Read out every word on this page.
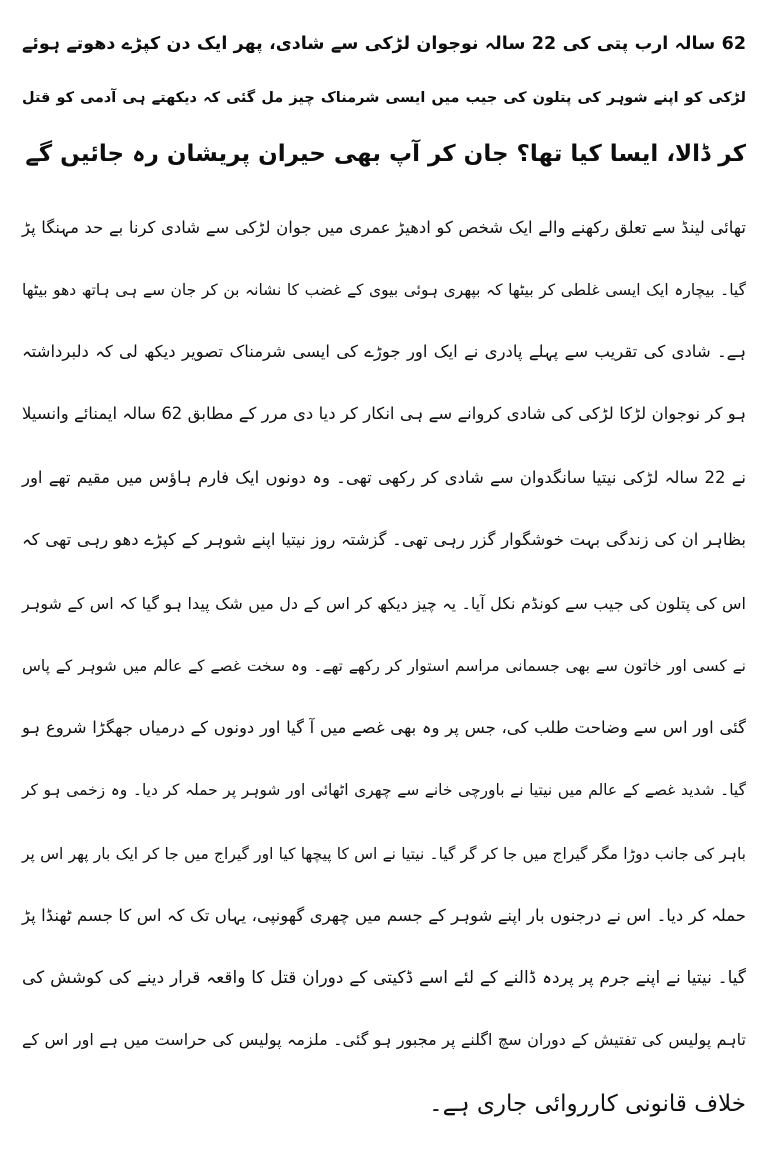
62 سالہ ارب پتی کی 22 سالہ نوجوان لڑکی سے شادی، پھر ایک دن کپڑے دھوتے ہوئے
لڑکی کو اپنے شوہر کی پتلون کی جیب میں ایسی شرمناک چیز مل گئی کہ دیکھتے ہی آدمی کو قتل
کر ڈالا، ایسا کیا تھا؟ جان کر آپ بھی حیران پریشان رہ جائیں گے
تھائی لینڈ سے تعلق رکھنے والے ایک شخص کو ادھیڑ عمری میں جوان لڑکی سے شادی کرنا بے حد مہنگا پڑ
گیا۔ بیچارہ ایک ایسی غلطی کر بیٹھا کہ بپھری ہوئی بیوی کے غضب کا نشانہ بن کر جان سے ہی ہاتھ دھو بیٹھا
ہے۔ شادی کی تقریب سے پہلے پادری نے ایک اور جوڑے کی ایسی شرمناک تصویر دیکھ لی کہ دلبرداشتہ
ہو کر نوجوان لڑکا لڑکی کی شادی کروانے سے ہی انکار کر دیا دی مرر کے مطابق 62 سالہ ایمنائے وانسیلا
نے 22 سالہ لڑکی نیتیا سانگدوان سے شادی کر رکھی تھی۔ وہ دونوں ایک فارم ہاؤس میں مقیم تھے اور
بظاہر ان کی زندگی بہت خوشگوار گزر رہی تھی۔ گزشتہ روز نیتیا اپنے شوہر کے کپڑے دھو رہی تھی کہ
اس کی پتلون کی جیب سے کونڈم نکل آیا۔ یہ چیز دیکھ کر اس کے دل میں شک پیدا ہو گیا کہ اس کے شوہر
نے کسی اور خاتون سے بھی جسمانی مراسم استوار کر رکھے تھے۔ وہ سخت غصے کے عالم میں شوہر کے پاس
گئی اور اس سے وضاحت طلب کی، جس پر وہ بھی غصے میں آ گیا اور دونوں کے درمیاں جھگڑا شروع ہو
گیا۔ شدید غصے کے عالم میں نیتیا نے باورچی خانے سے چھری اٹھائی اور شوہر پر حملہ کر دیا۔ وہ زخمی ہو کر
باہر کی جانب دوڑا مگر گیراج میں جا کر گر گیا۔ نیتیا نے اس کا پیچھا کیا اور گیراج میں جا کر ایک بار پھر اس پر
حملہ کر دیا۔ اس نے درجنوں بار اپنے شوہر کے جسم میں چھری گھونپی، یہاں تک کہ اس کا جسم ٹھنڈا پڑ
گیا۔ نیتیا نے اپنے جرم پر پردہ ڈالنے کے لئے اسے ڈکیتی کے دوران قتل کا واقعہ قرار دینے کی کوشش کی
تاہم پولیس کی تفتیش کے دوران سچ اگلنے پر مجبور ہو گئی۔ ملزمہ پولیس کی حراست میں ہے اور اس کے
خلاف قانونی کارروائی جاری ہے۔
